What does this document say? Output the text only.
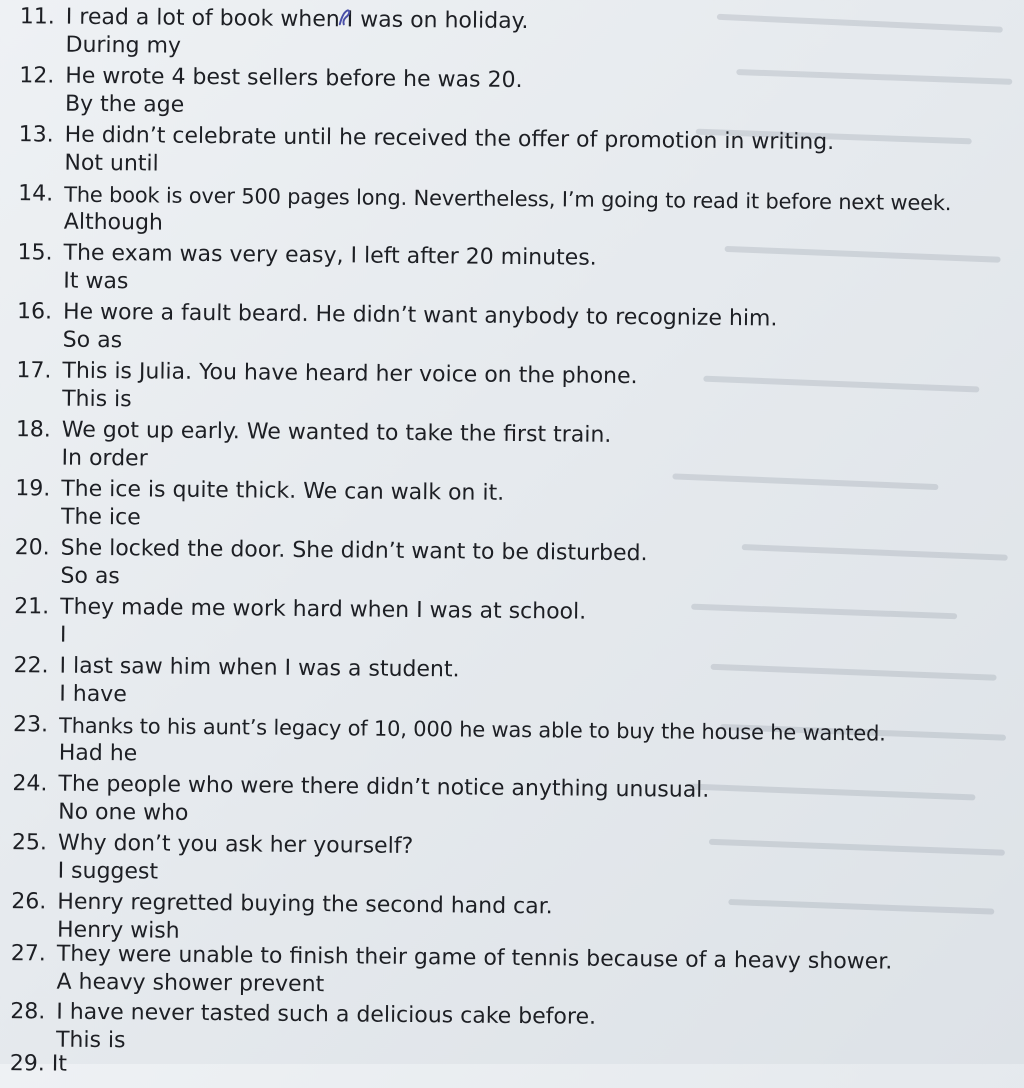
11. I read a lot of book when I was on holiday.
During my
12. He wrote 4 best sellers before he was 20.
By the age
13. He didn’t celebrate until he received the offer of promotion in writing.
Not until
14. The book is over 500 pages long. Nevertheless, I’m going to read it before next week.
Although
15. The exam was very easy, I left after 20 minutes.
It was
16. He wore a fault beard. He didn’t want anybody to recognize him.
So as
17. This is Julia. You have heard her voice on the phone.
This is
18. We got up early. We wanted to take the first train.
In order
19. The ice is quite thick. We can walk on it.
The ice
20. She locked the door. She didn’t want to be disturbed.
So as
21. They made me work hard when I was at school.
I
22. I last saw him when I was a student.
I have
23. Thanks to his aunt’s legacy of 10, 000 he was able to buy the house he wanted.
Had he
24. The people who were there didn’t notice anything unusual.
No one who
25. Why don’t you ask her yourself?
I suggest
26. Henry regretted buying the second hand car.
Henry wish
27. They were unable to finish their game of tennis because of a heavy shower.
A heavy shower prevent
28. I have never tasted such a delicious cake before.
This is
29. It
